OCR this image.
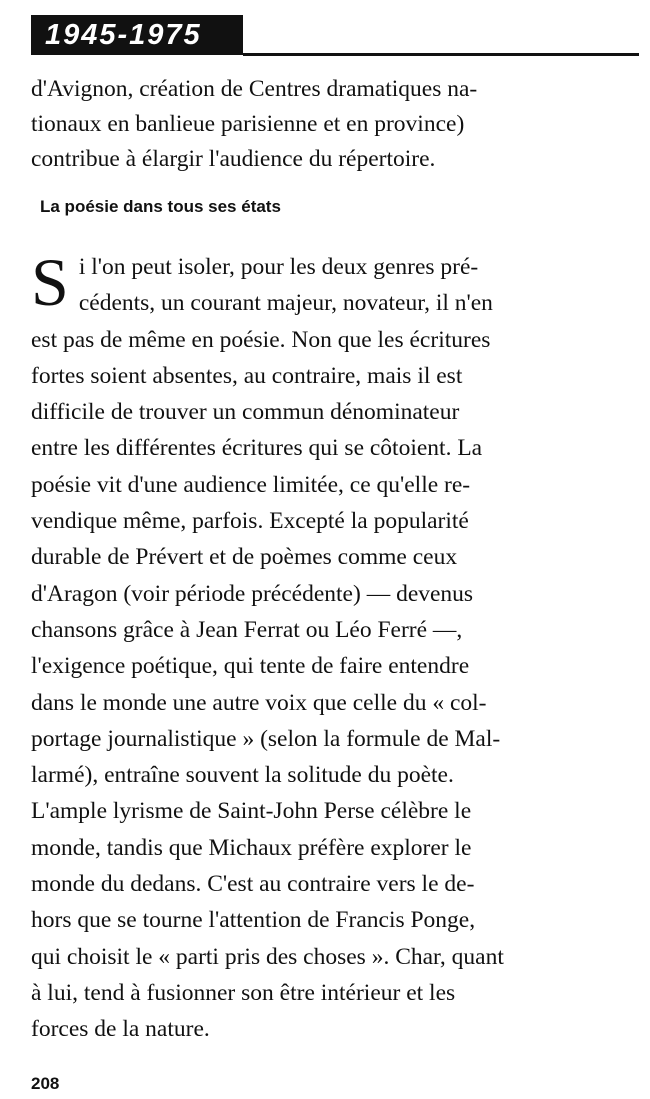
1945-1975
d'Avignon, création de Centres dramatiques na-
tionaux en banlieue parisienne et en province)
contribue à élargir l'audience du répertoire.
La poésie dans tous ses états
S i l'on peut isoler, pour les deux genres pré-
cédents, un courant majeur, novateur, il n'en
est pas de même en poésie. Non que les écritures
fortes soient absentes, au contraire, mais il est
difficile de trouver un commun dénominateur
entre les différentes écritures qui se côtoient. La
poésie vit d'une audience limitée, ce qu'elle re-
vendique même, parfois. Excepté la popularité
durable de Prévert et de poèmes comme ceux
d'Aragon (voir période précédente) — devenus
chansons grâce à Jean Ferrat ou Léo Ferré —,
l'exigence poétique, qui tente de faire entendre
dans le monde une autre voix que celle du « col-
portage journalistique » (selon la formule de Mal-
larmé), entraîne souvent la solitude du poète.
L'ample lyrisme de Saint-John Perse célèbre le
monde, tandis que Michaux préfère explorer le
monde du dedans. C'est au contraire vers le de-
hors que se tourne l'attention de Francis Ponge,
qui choisit le « parti pris des choses ». Char, quant
à lui, tend à fusionner son être intérieur et les
forces de la nature.
208
